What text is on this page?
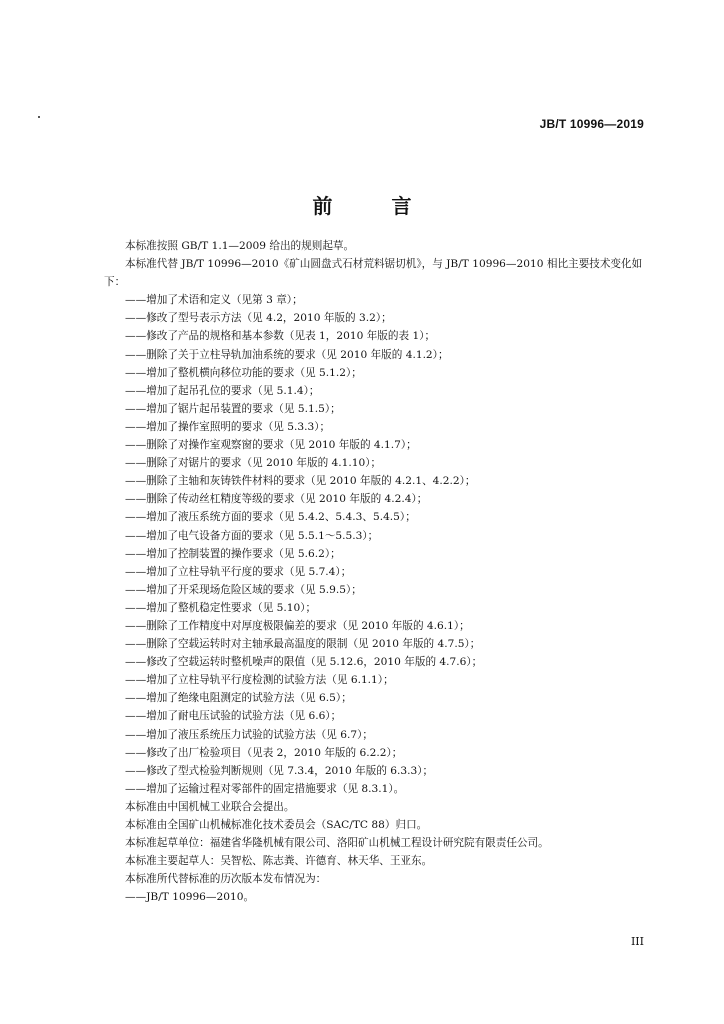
JB/T 10996—2019
前 言

本标准按照 GB/T 1.1—2009 给出的规则起草。

本标准代替 JB/T 10996—2010《矿山圆盘式石材荒料锯切机》，与 JB/T 10996—2010 相比主要技术变化如下：

——增加了术语和定义（见第 3 章）；

——修改了型号表示方法（见 4.2，2010 年版的 3.2）；

——修改了产品的规格和基本参数（见表 1，2010 年版的表 1）；

——删除了关于立柱导轨加油系统的要求（见 2010 年版的 4.1.2）；

——增加了整机横向移位功能的要求（见 5.1.2）；

——增加了起吊孔位的要求（见 5.1.4）；

——增加了锯片起吊装置的要求（见 5.1.5）；

——增加了操作室照明的要求（见 5.3.3）；

——删除了对操作室观察窗的要求（见 2010 年版的 4.1.7）；

——删除了对锯片的要求（见 2010 年版的 4.1.10）；

——删除了主轴和灰铸铁件材料的要求（见 2010 年版的 4.2.1、4.2.2）；

——删除了传动丝杠精度等级的要求（见 2010 年版的 4.2.4）；

——增加了液压系统方面的要求（见 5.4.2、5.4.3、5.4.5）；

——增加了电气设备方面的要求（见 5.5.1～5.5.3）；

——增加了控制装置的操作要求（见 5.6.2）；

——增加了立柱导轨平行度的要求（见 5.7.4）；

——增加了开采现场危险区域的要求（见 5.9.5）；

——增加了整机稳定性要求（见 5.10）；

——删除了工作精度中对厚度极限偏差的要求（见 2010 年版的 4.6.1）；

——删除了空载运转时对主轴承最高温度的限制（见 2010 年版的 4.7.5）；

——修改了空载运转时整机噪声的限值（见 5.12.6，2010 年版的 4.7.6）；

——增加了立柱导轨平行度检测的试验方法（见 6.1.1）；

——增加了绝缘电阻测定的试验方法（见 6.5）；

——增加了耐电压试验的试验方法（见 6.6）；

——增加了液压系统压力试验的试验方法（见 6.7）；

——修改了出厂检验项目（见表 2，2010 年版的 6.2.2）；

——修改了型式检验判断规则（见 7.3.4，2010 年版的 6.3.3）；

——增加了运输过程对零部件的固定措施要求（见 8.3.1）。

本标准由中国机械工业联合会提出。

本标准由全国矿山机械标准化技术委员会（SAC/TC 88）归口。

本标准起草单位：福建省华隆机械有限公司、洛阳矿山机械工程设计研究院有限责任公司。

本标准主要起草人：吴智松、陈志粪、许德育、林天华、王亚东。

本标准所代替标准的历次版本发布情况为：

——JB/T 10996—2010。

III
